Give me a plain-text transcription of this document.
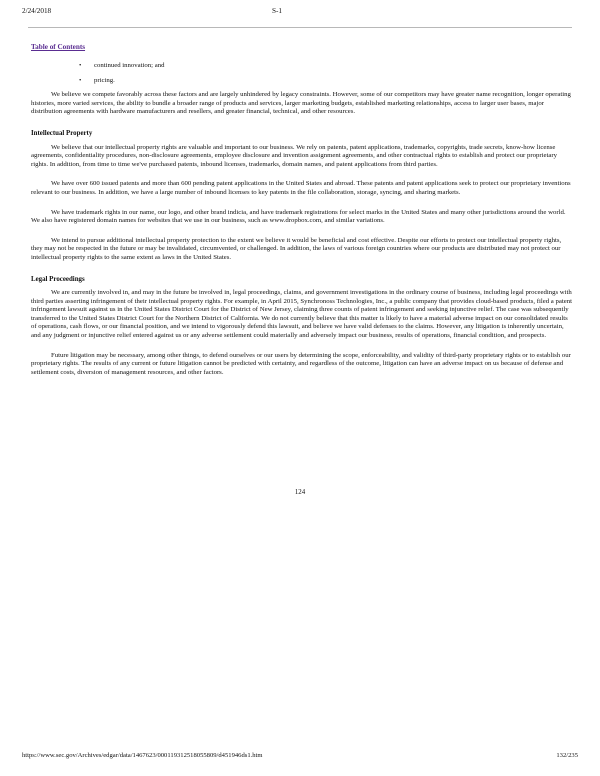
2/24/2018	S-1
Table of Contents
• continued innovation; and
• pricing.

We believe we compete favorably across these factors and are largely unhindered by legacy constraints. However, some of our competitors may have greater name recognition, longer operating histories, more varied services, the ability to bundle a broader range of products and services, larger marketing budgets, established marketing relationships, access to larger user bases, major distribution agreements with hardware manufacturers and resellers, and greater financial, technical, and other resources.

Intellectual Property

We believe that our intellectual property rights are valuable and important to our business. We rely on patents, patent applications, trademarks, copyrights, trade secrets, know-how license agreements, confidentiality procedures, non-disclosure agreements, employee disclosure and invention assignment agreements, and other contractual rights to establish and protect our proprietary rights. In addition, from time to time we've purchased patents, inbound licenses, trademarks, domain names, and patent applications from third parties.

We have over 600 issued patents and more than 600 pending patent applications in the United States and abroad. These patents and patent applications seek to protect our proprietary inventions relevant to our business. In addition, we have a large number of inbound licenses to key patents in the file collaboration, storage, syncing, and sharing markets.

We have trademark rights in our name, our logo, and other brand indicia, and have trademark registrations for select marks in the United States and many other jurisdictions around the world. We also have registered domain names for websites that we use in our business, such as www.dropbox.com, and similar variations.

We intend to pursue additional intellectual property protection to the extent we believe it would be beneficial and cost effective. Despite our efforts to protect our intellectual property rights, they may not be respected in the future or may be invalidated, circumvented, or challenged. In addition, the laws of various foreign countries where our products are distributed may not protect our intellectual property rights to the same extent as laws in the United States.

Legal Proceedings

We are currently involved in, and may in the future be involved in, legal proceedings, claims, and government investigations in the ordinary course of business, including legal proceedings with third parties asserting infringement of their intellectual property rights. For example, in April 2015, Synchronoss Technologies, Inc., a public company that provides cloud-based products, filed a patent infringement lawsuit against us in the United States District Court for the District of New Jersey, claiming three counts of patent infringement and seeking injunctive relief. The case was subsequently transferred to the United States District Court for the Northern District of California. We do not currently believe that this matter is likely to have a material adverse impact on our consolidated results of operations, cash flows, or our financial position, and we intend to vigorously defend this lawsuit, and believe we have valid defenses to the claims. However, any litigation is inherently uncertain, and any judgment or injunctive relief entered against us or any adverse settlement could materially and adversely impact our business, results of operations, financial condition, and prospects.

Future litigation may be necessary, among other things, to defend ourselves or our users by determining the scope, enforceability, and validity of third-party proprietary rights or to establish our proprietary rights. The results of any current or future litigation cannot be predicted with certainty, and regardless of the outcome, litigation can have an adverse impact on us because of defense and settlement costs, diversion of management resources, and other factors.

124
https://www.sec.gov/Archives/edgar/data/1467623/000119312518055809/d451946ds1.htm	132/235
